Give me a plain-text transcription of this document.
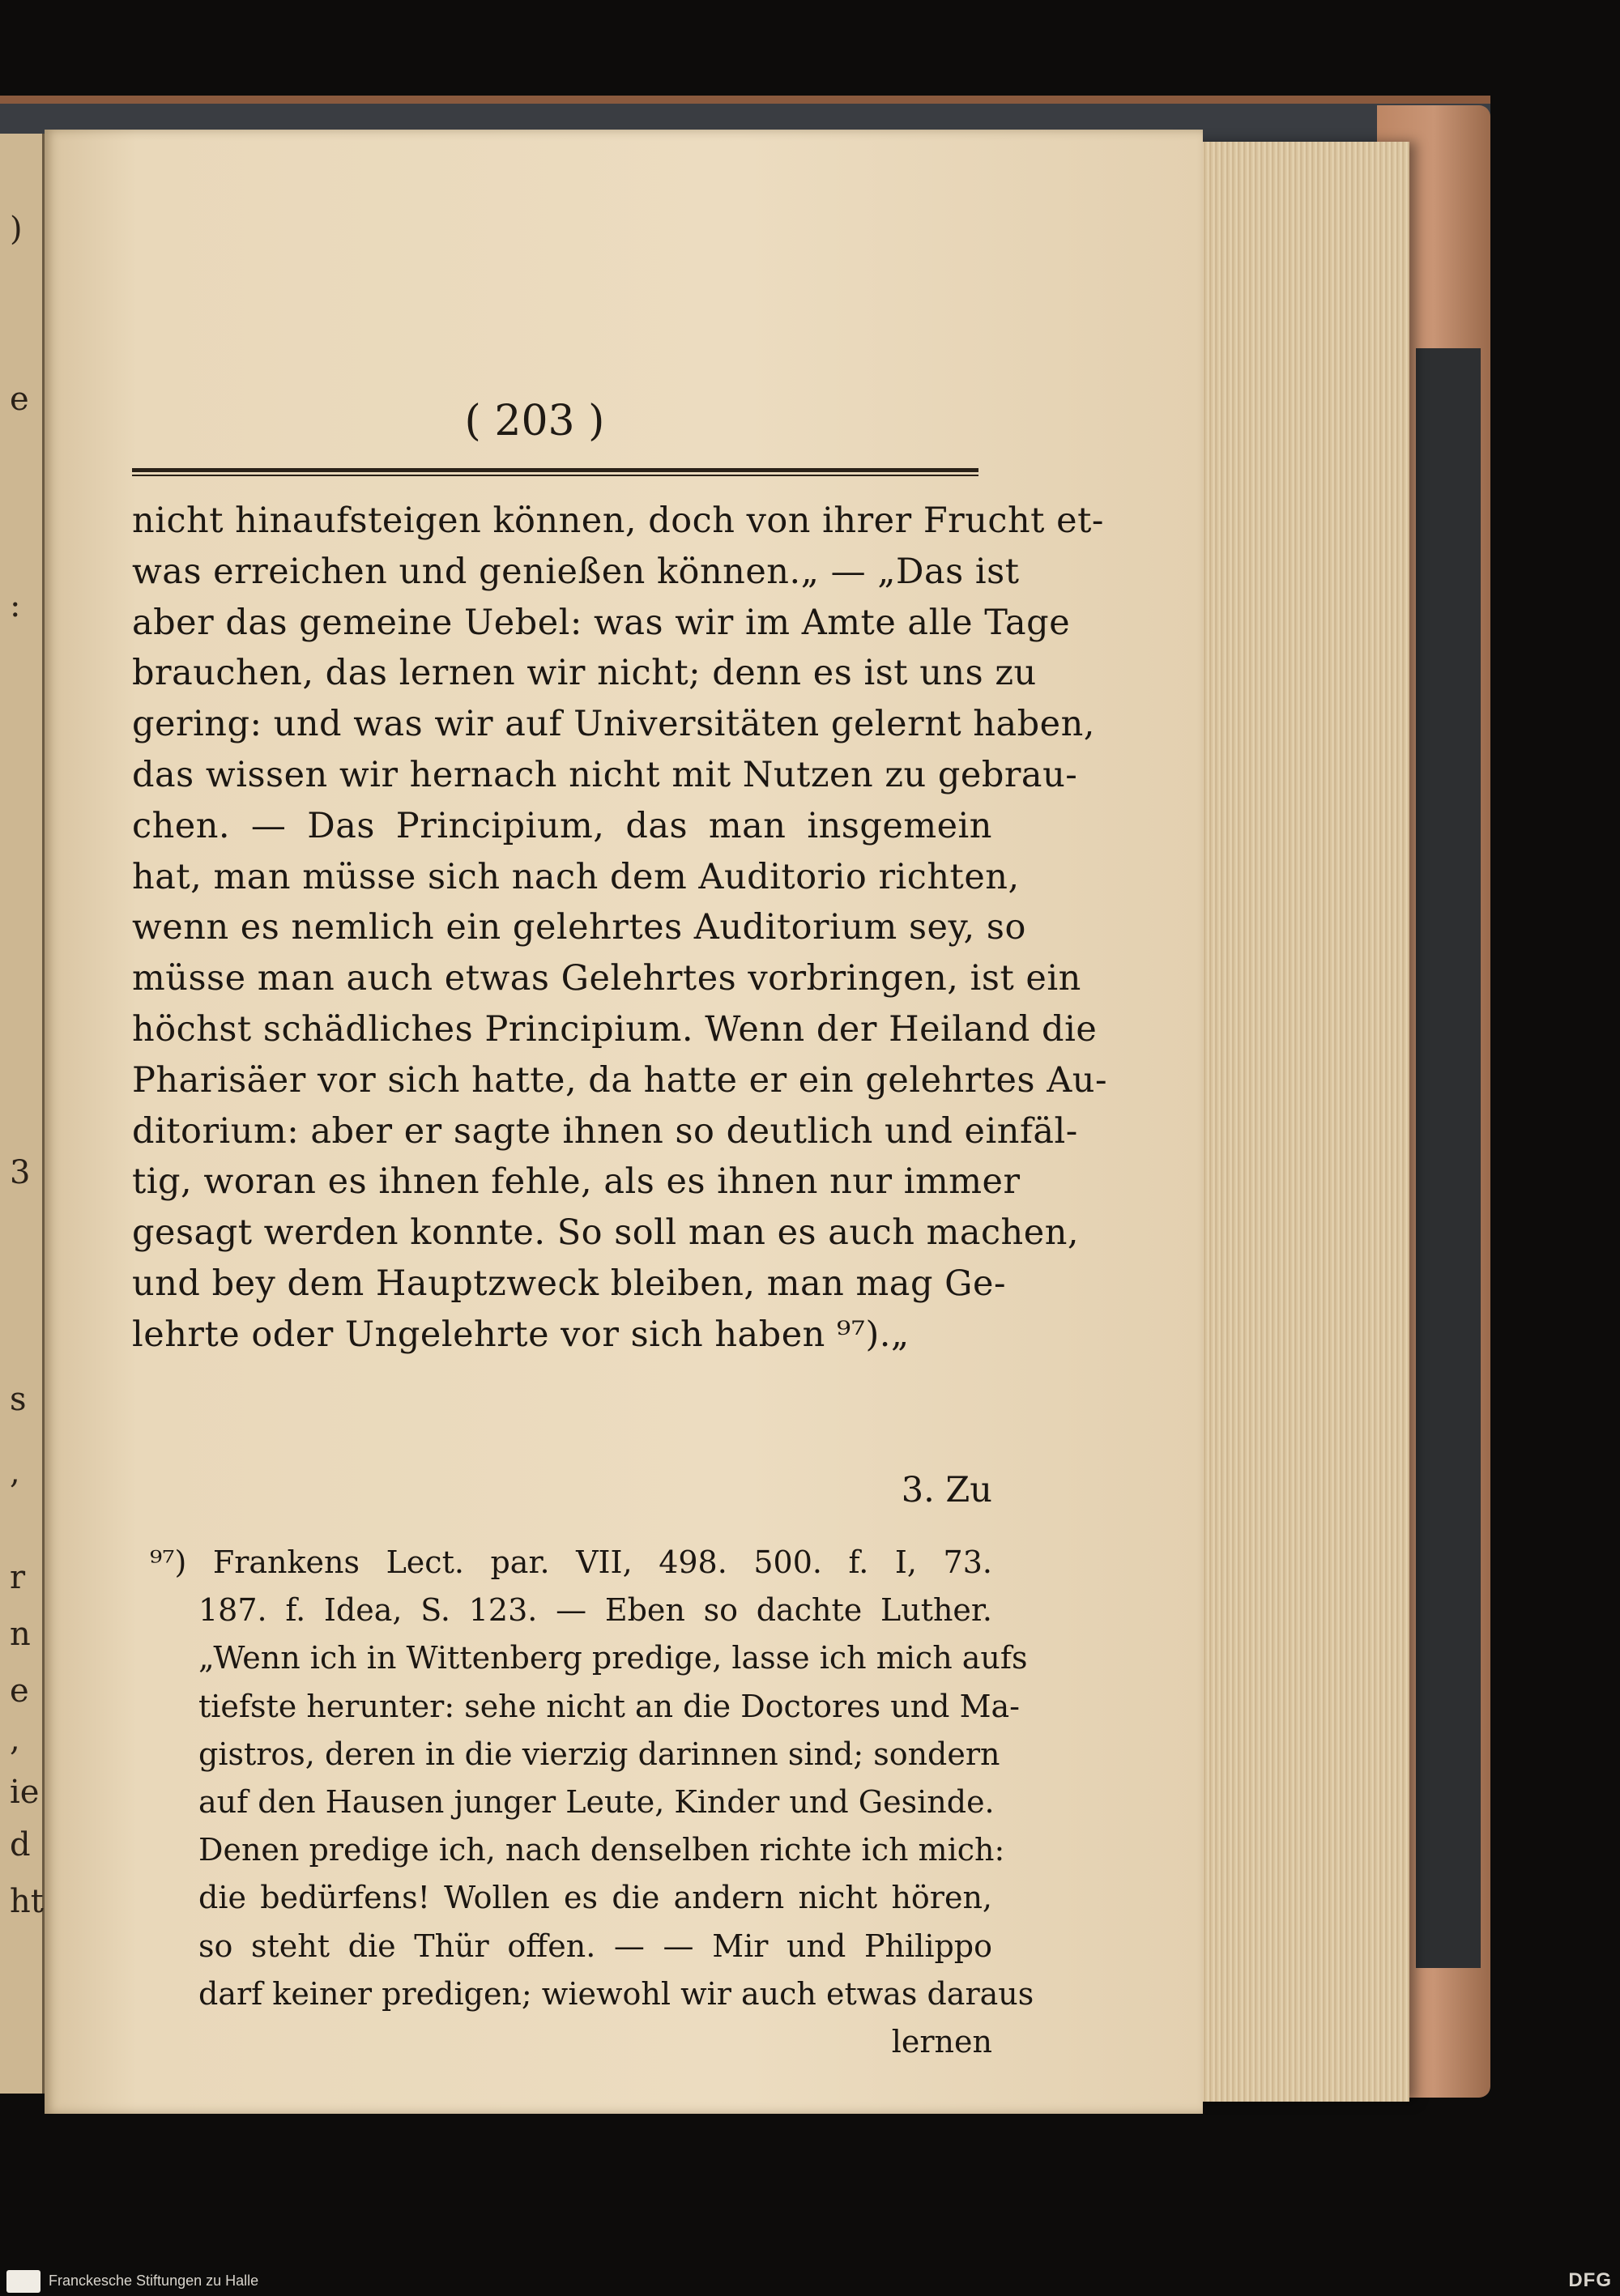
)
e
:
3
s
,
r
n
e
,
ie
d
ht
( 203 )
nicht hinaufsteigen können, doch von ihrer Frucht et-
was erreichen und genießen können.„ — „Das ist
aber das gemeine Uebel: was wir im Amte alle Tage
brauchen, das lernen wir nicht; denn es ist uns zu
gering: und was wir auf Universitäten gelernt haben,
das wissen wir hernach nicht mit Nutzen zu gebrau-
chen. — Das Principium, das man insgemein
hat, man müsse sich nach dem Auditorio richten,
wenn es nemlich ein gelehrtes Auditorium sey, so
müsse man auch etwas Gelehrtes vorbringen, ist ein
höchst schädliches Principium. Wenn der Heiland die
Pharisäer vor sich hatte, da hatte er ein gelehrtes Au-
ditorium: aber er sagte ihnen so deutlich und einfäl-
tig, woran es ihnen fehle, als es ihnen nur immer
gesagt werden konnte. So soll man es auch machen,
und bey dem Hauptzweck bleiben, man mag Ge-
lehrte oder Ungelehrte vor sich haben ⁹⁷).„
3. Zu
⁹⁷) Frankens Lect. par. VII, 498. 500. f. I, 73.
187. f. Idea, S. 123. — Eben so dachte Luther.
„Wenn ich in Wittenberg predige, lasse ich mich aufs
tiefste herunter: sehe nicht an die Doctores und Ma-
gistros, deren in die vierzig darinnen sind; sondern
auf den Hausen junger Leute, Kinder und Gesinde.
Denen predige ich, nach denselben richte ich mich:
die bedürfens! Wollen es die andern nicht hören,
so steht die Thür offen. — — Mir und Philippo
darf keiner predigen; wiewohl wir auch etwas daraus
lernen
Franckesche Stiftungen zu Halle	DFG
